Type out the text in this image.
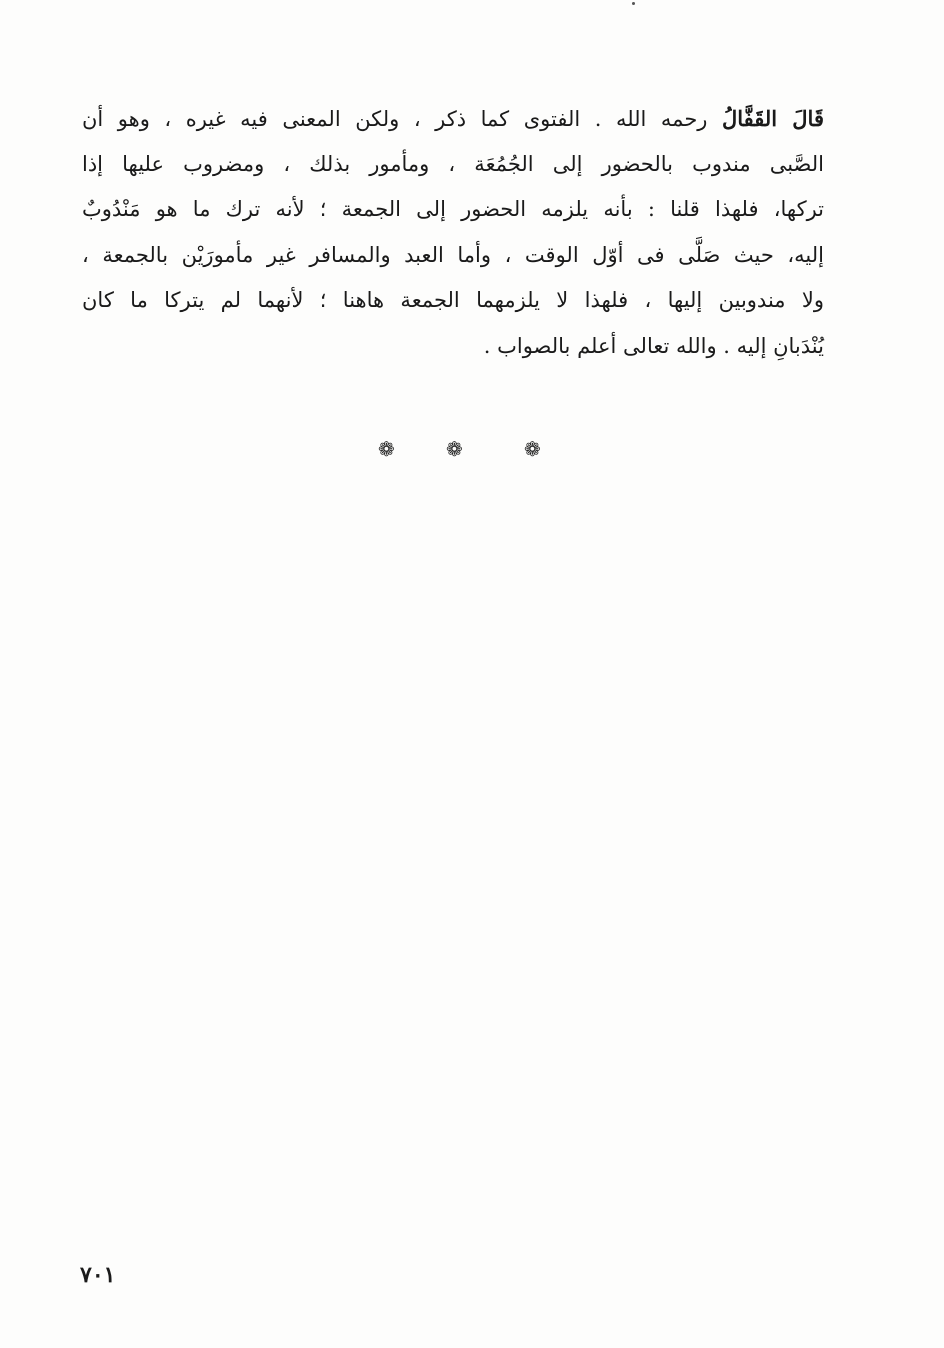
قَالَ القَفَّالُ رحمه الله . الفتوى كما ذكر ، ولكن المعنى فيه غيره ، وهو أن
الصَّبى مندوب بالحضور إلى الجُمُعَة ، ومأمور بذلك ، ومضروب عليها إذا
تركها، فلهذا قلنا : بأنه يلزمه الحضور إلى الجمعة ؛ لأنه ترك ما هو مَنْدُوبٌ
إليه، حيث صَلَّى فى أوّل الوقت ، وأما العبد والمسافر غير مأمورَيْن بالجمعة ،
ولا مندوبين إليها ، فلهذا لا يلزمهما الجمعة هاهنا ؛ لأنهما لم يتركا ما كان
يُنْدَبانِ إليه . والله تعالى أعلم بالصواب .
❁	❁	❁
٧٠١
